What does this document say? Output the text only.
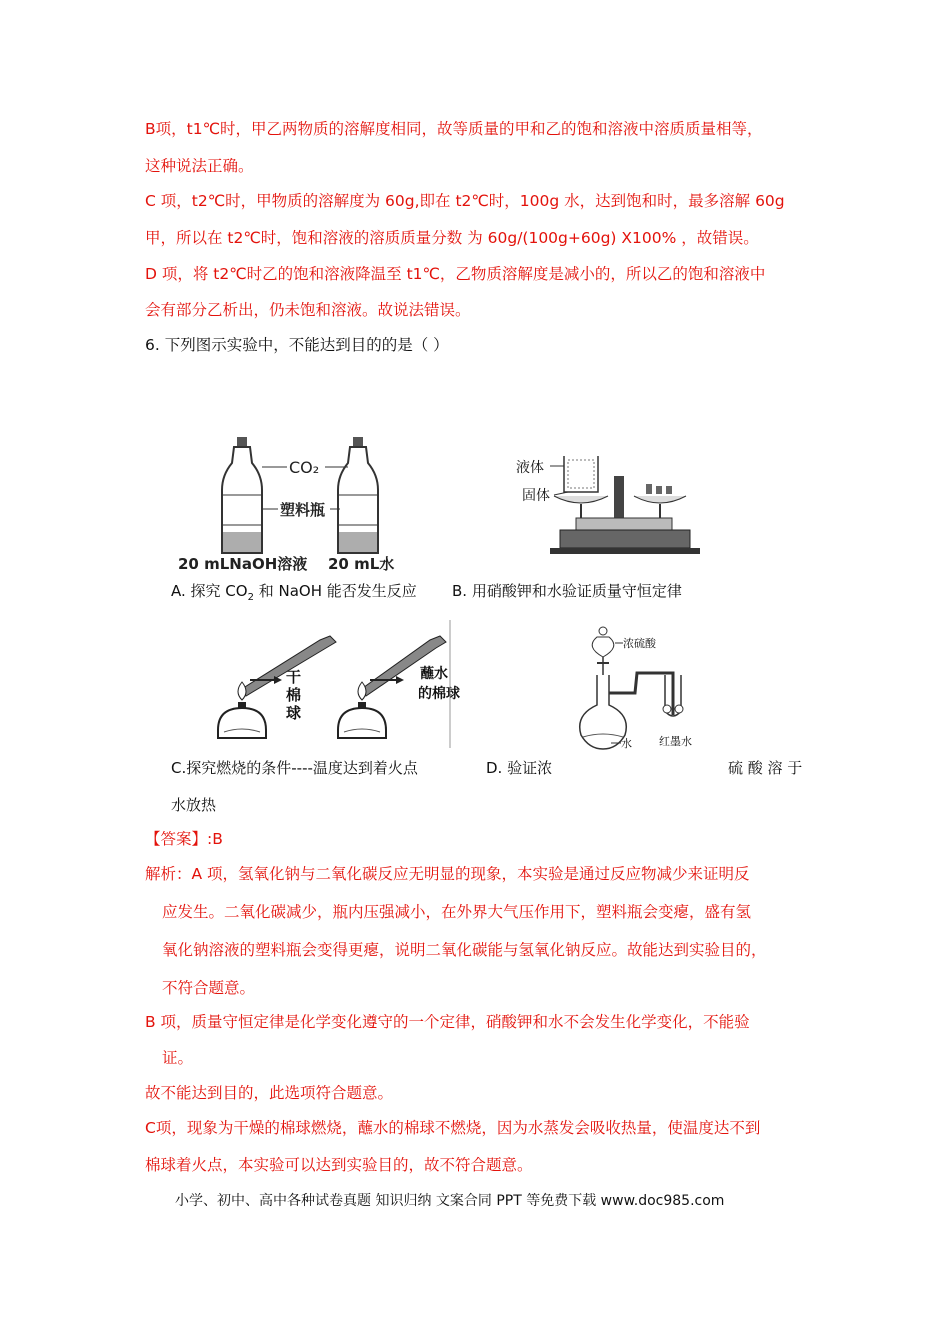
B项，t1℃时，甲乙两物质的溶解度相同，故等质量的甲和乙的饱和溶液中溶质质量相等，
这种说法正确。
C 项，t2℃时，甲物质的溶解度为 60g,即在 t2℃时，100g 水，达到饱和时，最多溶解 60g
甲，所以在 t2℃时，饱和溶液的溶质质量分数 为 60g/(100g+60g) X100% ，故错误。
D 项，将 t2℃时乙的饱和溶液降温至 t1℃，乙物质溶解度是减小的，所以乙的饱和溶液中
会有部分乙析出，仍未饱和溶液。故说法错误。
6. 下列图示实验中，不能达到目的的是（ ）
CO₂
塑料瓶
20 mLNaOH溶液 20 mL水
A. 探究 $CO_2$ 和 NaOH 能否发生反应
液体
固体
B. 用硝酸钾和水验证质量守恒定律
干
棉
球
蘸水
的棉球
C.探究燃烧的条件----温度达到着火点
浓硫酸
水 红墨水
D. 验证浓	硫 酸 溶 于
水放热
【答案】:B
解析：A 项，氢氧化钠与二氧化碳反应无明显的现象，本实验是通过反应物减少来证明反
应发生。二氧化碳减少，瓶内压强减小，在外界大气压作用下，塑料瓶会变瘪，盛有氢
氧化钠溶液的塑料瓶会变得更瘪，说明二氧化碳能与氢氧化钠反应。故能达到实验目的，
不符合题意。
B 项，质量守恒定律是化学变化遵守的一个定律，硝酸钾和水不会发生化学变化，不能验
证。
故不能达到目的，此选项符合题意。
C项，现象为干燥的棉球燃烧，蘸水的棉球不燃烧，因为水蒸发会吸收热量，使温度达不到
棉球着火点，本实验可以达到实验目的，故不符合题意。
小学、初中、高中各种试卷真题 知识归纳 文案合同 PPT 等免费下载 www.doc985.com
